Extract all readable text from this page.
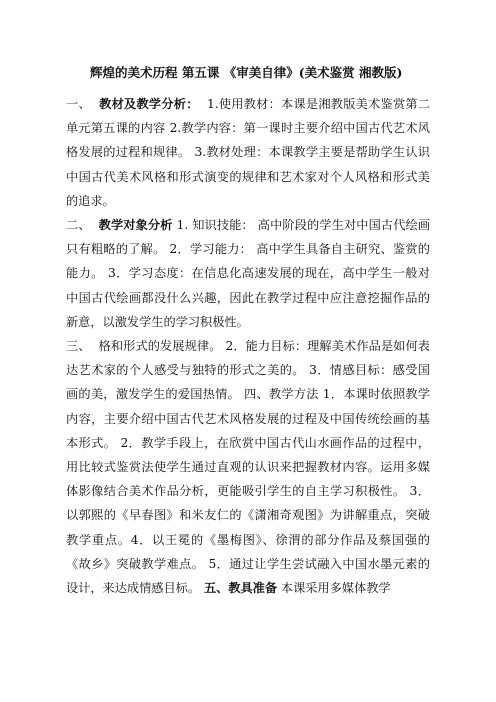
辉煌的美术历程 第五课 《审美自律》(美术鉴赏 湘教版)

一、 教材及教学分析： 1.使用教材：本课是湘教版美术鉴赏第二单元第五课的内容 2.教学内容：第一课时主要介绍中国古代艺术风格发展的过程和规律。 3.教材处理：本课教学主要是帮助学生认识中国古代美术风格和形式演变的规律和艺术家对个人风格和形式美的追求。

二、 教学对象分析 1. 知识技能： 高中阶段的学生对中国古代绘画只有粗略的了解。 2．学习能力： 高中学生具备自主研究、鉴赏的能力。 3．学习态度：在信息化高速发展的现在，高中学生一般对中国古代绘画都没什么兴趣，因此在教学过程中应注意挖掘作品的新意，以激发学生的学习积极性。

三、  格和形式的发展规律。 2．能力目标：理解美术作品是如何表达艺术家的个人感受与独特的形式之美的。 3．情感目标：感受国画的美，激发学生的爱国热情。 四、教学方法 1．本课时依照教学内容，主要介绍中国古代艺术风格发展的过程及中国传统绘画的基本形式。 2．教学手段上，在欣赏中国古代山水画作品的过程中，用比较式鉴赏法使学生通过直观的认识来把握教材内容。运用多媒体影像结合美术作品分析，更能吸引学生的自主学习积极性。 3．以郭熙的《早春图》和米友仁的《潇湘奇观图》为讲解重点，突破教学重点。4．以王冕的《墨梅图》、徐渭的部分作品及蔡国强的《故乡》突破教学难点。 5．通过让学生尝试融入中国水墨元素的设计，来达成情感目标。 五、教具准备 本课采用多媒体教学
